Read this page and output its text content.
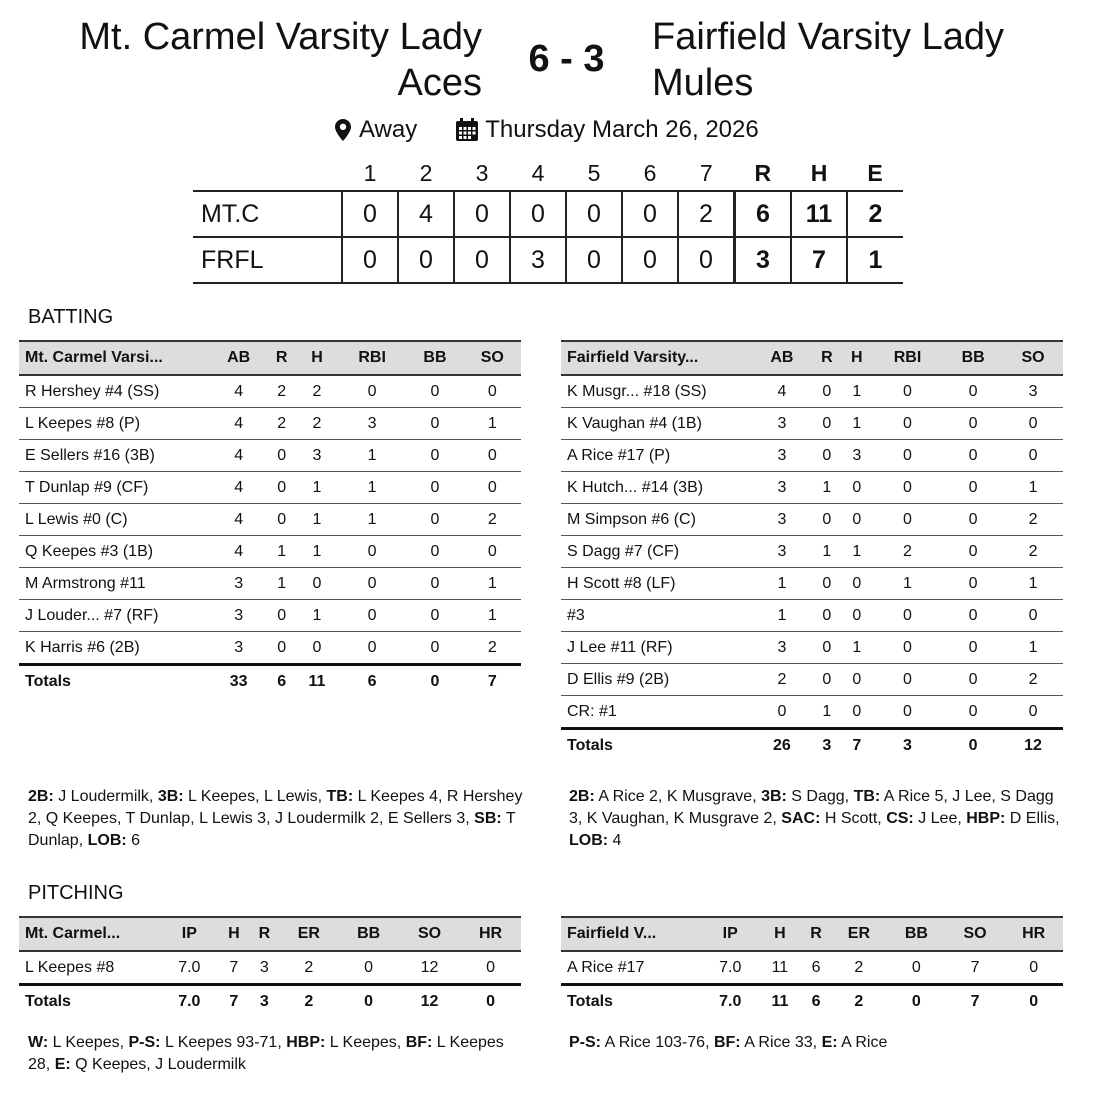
Mt. Carmel Varsity Lady
Aces
6 - 3
Fairfield Varsity Lady
Mules
Away	Thursday March 26, 2026
	1	2	3	4	5	6	7	R	H	E
MT.C	0	4	0	0	0	0	2	6	11	2
FRFL	0	0	0	3	0	0	0	3	7	1
BATTING
Mt. Carmel Varsi...	AB	R	H	RBI	BB	SO
R Hershey #4 (SS)	4	2	2	0	0	0
L Keepes #8 (P)	4	2	2	3	0	1
E Sellers #16 (3B)	4	0	3	1	0	0
T Dunlap #9 (CF)	4	0	1	1	0	0
L Lewis #0 (C)	4	0	1	1	0	2
Q Keepes #3 (1B)	4	1	1	0	0	0
M Armstrong #11	3	1	0	0	0	1
J Louder... #7 (RF)	3	0	1	0	0	1
K Harris #6 (2B)	3	0	0	0	0	2
Totals	33	6	11	6	0	7
Fairfield Varsity...	AB	R	H	RBI	BB	SO
K Musgr... #18 (SS)	4	0	1	0	0	3
K Vaughan #4 (1B)	3	0	1	0	0	0
A Rice #17 (P)	3	0	3	0	0	0
K Hutch... #14 (3B)	3	1	0	0	0	1
M Simpson #6 (C)	3	0	0	0	0	2
S Dagg #7 (CF)	3	1	1	2	0	2
H Scott #8 (LF)	1	0	0	1	0	1
#3	1	0	0	0	0	0
J Lee #11 (RF)	3	0	1	0	0	1
D Ellis #9 (2B)	2	0	0	0	0	2
CR: #1	0	1	0	0	0	0
Totals	26	3	7	3	0	12
2B: J Loudermilk, 3B: L Keepes, L Lewis, TB: L Keepes 4, R Hershey 2, Q Keepes, T Dunlap, L Lewis 3, J Loudermilk 2, E Sellers 3, SB: T Dunlap, LOB: 6
2B: A Rice 2, K Musgrave, 3B: S Dagg, TB: A Rice 5, J Lee, S Dagg 3, K Vaughan, K Musgrave 2, SAC: H Scott, CS: J Lee, HBP: D Ellis, LOB: 4
PITCHING
Mt. Carmel...	IP	H	R	ER	BB	SO	HR
L Keepes #8	7.0	7	3	2	0	12	0
Totals	7.0	7	3	2	0	12	0
Fairfield V...	IP	H	R	ER	BB	SO	HR
A Rice #17	7.0	11	6	2	0	7	0
Totals	7.0	11	6	2	0	7	0
W: L Keepes, P-S: L Keepes 93-71, HBP: L Keepes, BF: L Keepes 28, E: Q Keepes, J Loudermilk
P-S: A Rice 103-76, BF: A Rice 33, E: A Rice
